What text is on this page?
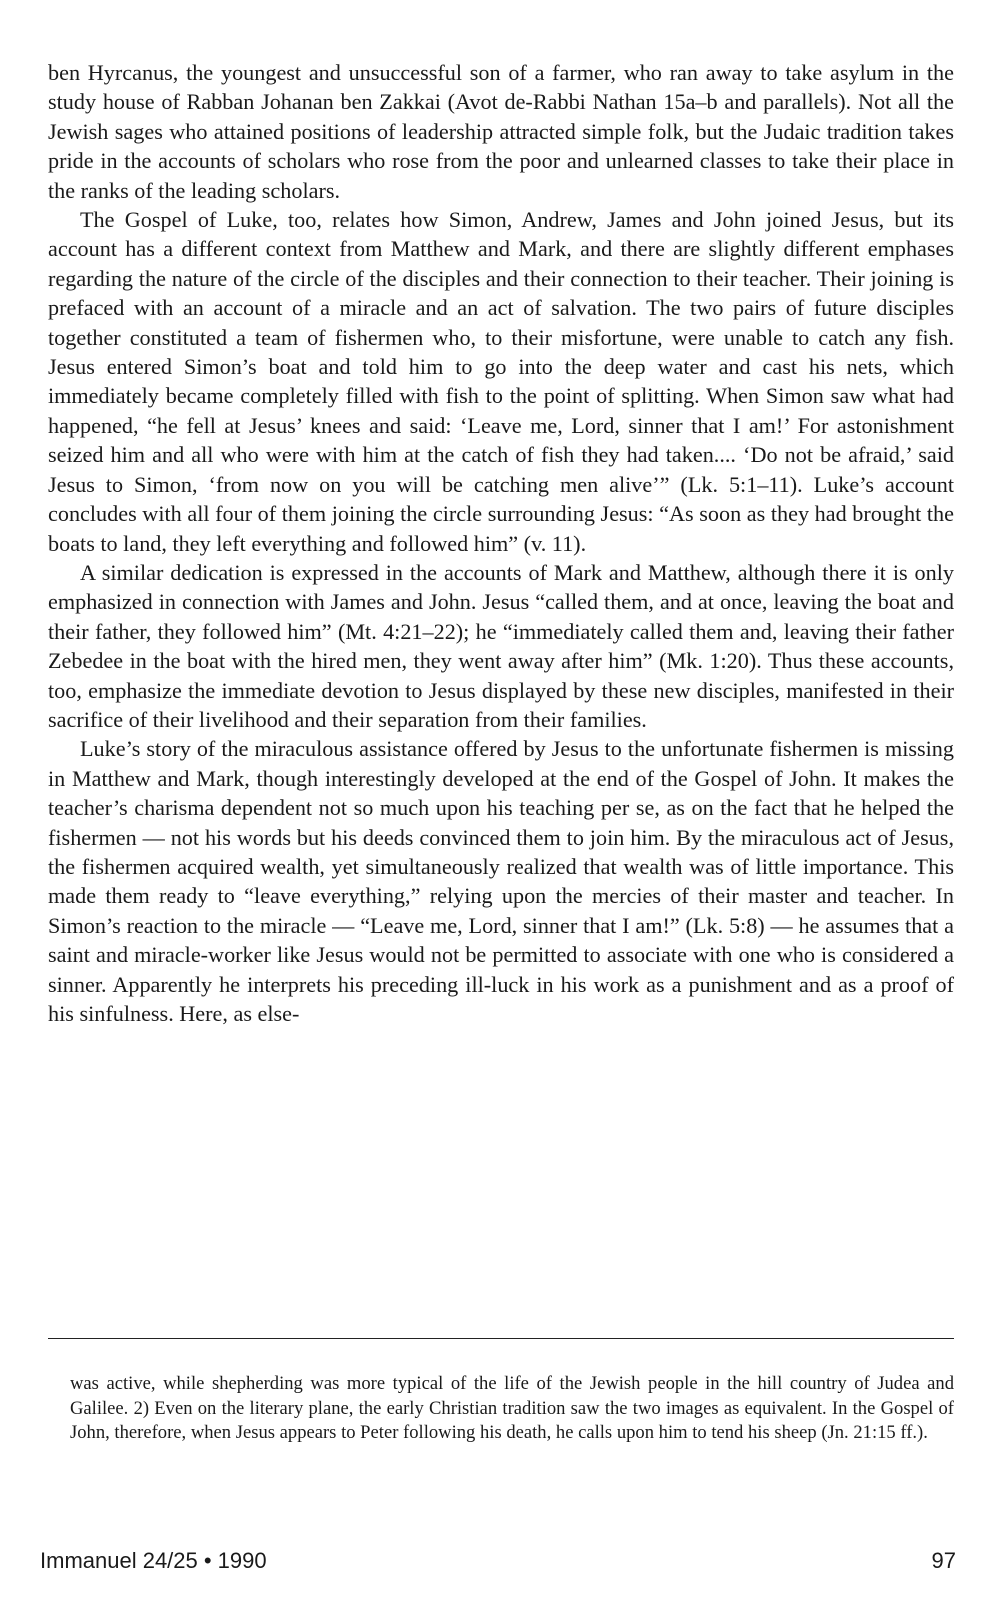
ben Hyrcanus, the youngest and unsuccessful son of a farmer, who ran away to take asylum in the study house of Rabban Johanan ben Zakkai (Avot de-Rabbi Nathan 15a–b and parallels). Not all the Jewish sages who attained positions of leadership attracted simple folk, but the Judaic tradition takes pride in the accounts of scholars who rose from the poor and unlearned classes to take their place in the ranks of the leading scholars.

The Gospel of Luke, too, relates how Simon, Andrew, James and John joined Jesus, but its account has a different context from Matthew and Mark, and there are slightly different emphases regarding the nature of the circle of the disciples and their connection to their teacher. Their joining is prefaced with an account of a miracle and an act of salvation. The two pairs of future disciples together constituted a team of fishermen who, to their misfortune, were unable to catch any fish. Jesus entered Simon’s boat and told him to go into the deep water and cast his nets, which immediately became completely filled with fish to the point of splitting. When Simon saw what had happened, “he fell at Jesus’ knees and said: ‘Leave me, Lord, sinner that I am!’ For astonishment seized him and all who were with him at the catch of fish they had taken.... ‘Do not be afraid,’ said Jesus to Simon, ‘from now on you will be catching men alive’” (Lk. 5:1–11). Luke’s account concludes with all four of them joining the circle surrounding Jesus: “As soon as they had brought the boats to land, they left everything and followed him” (v. 11).

A similar dedication is expressed in the accounts of Mark and Matthew, although there it is only emphasized in connection with James and John. Jesus “called them, and at once, leaving the boat and their father, they followed him” (Mt. 4:21–22); he “immediately called them and, leaving their father Zebedee in the boat with the hired men, they went away after him” (Mk. 1:20). Thus these accounts, too, emphasize the immediate devotion to Jesus displayed by these new disciples, manifested in their sacrifice of their livelihood and their separation from their families.

Luke’s story of the miraculous assistance offered by Jesus to the unfortunate fishermen is missing in Matthew and Mark, though interestingly developed at the end of the Gospel of John. It makes the teacher’s charisma dependent not so much upon his teaching per se, as on the fact that he helped the fishermen — not his words but his deeds convinced them to join him. By the miraculous act of Jesus, the fishermen acquired wealth, yet simultaneously realized that wealth was of little importance. This made them ready to “leave everything,” relying upon the mercies of their master and teacher. In Simon’s reaction to the miracle — “Leave me, Lord, sinner that I am!” (Lk. 5:8) — he assumes that a saint and miracle-worker like Jesus would not be permitted to associate with one who is considered a sinner. Apparently he interprets his preceding ill-luck in his work as a punishment and as a proof of his sinfulness. Here, as else-

was active, while shepherding was more typical of the life of the Jewish people in the hill country of Judea and Galilee. 2) Even on the literary plane, the early Christian tradition saw the two images as equivalent. In the Gospel of John, therefore, when Jesus appears to Peter following his death, he calls upon him to tend his sheep (Jn. 21:15 ff.).

Immanuel 24/25 • 1990	97
